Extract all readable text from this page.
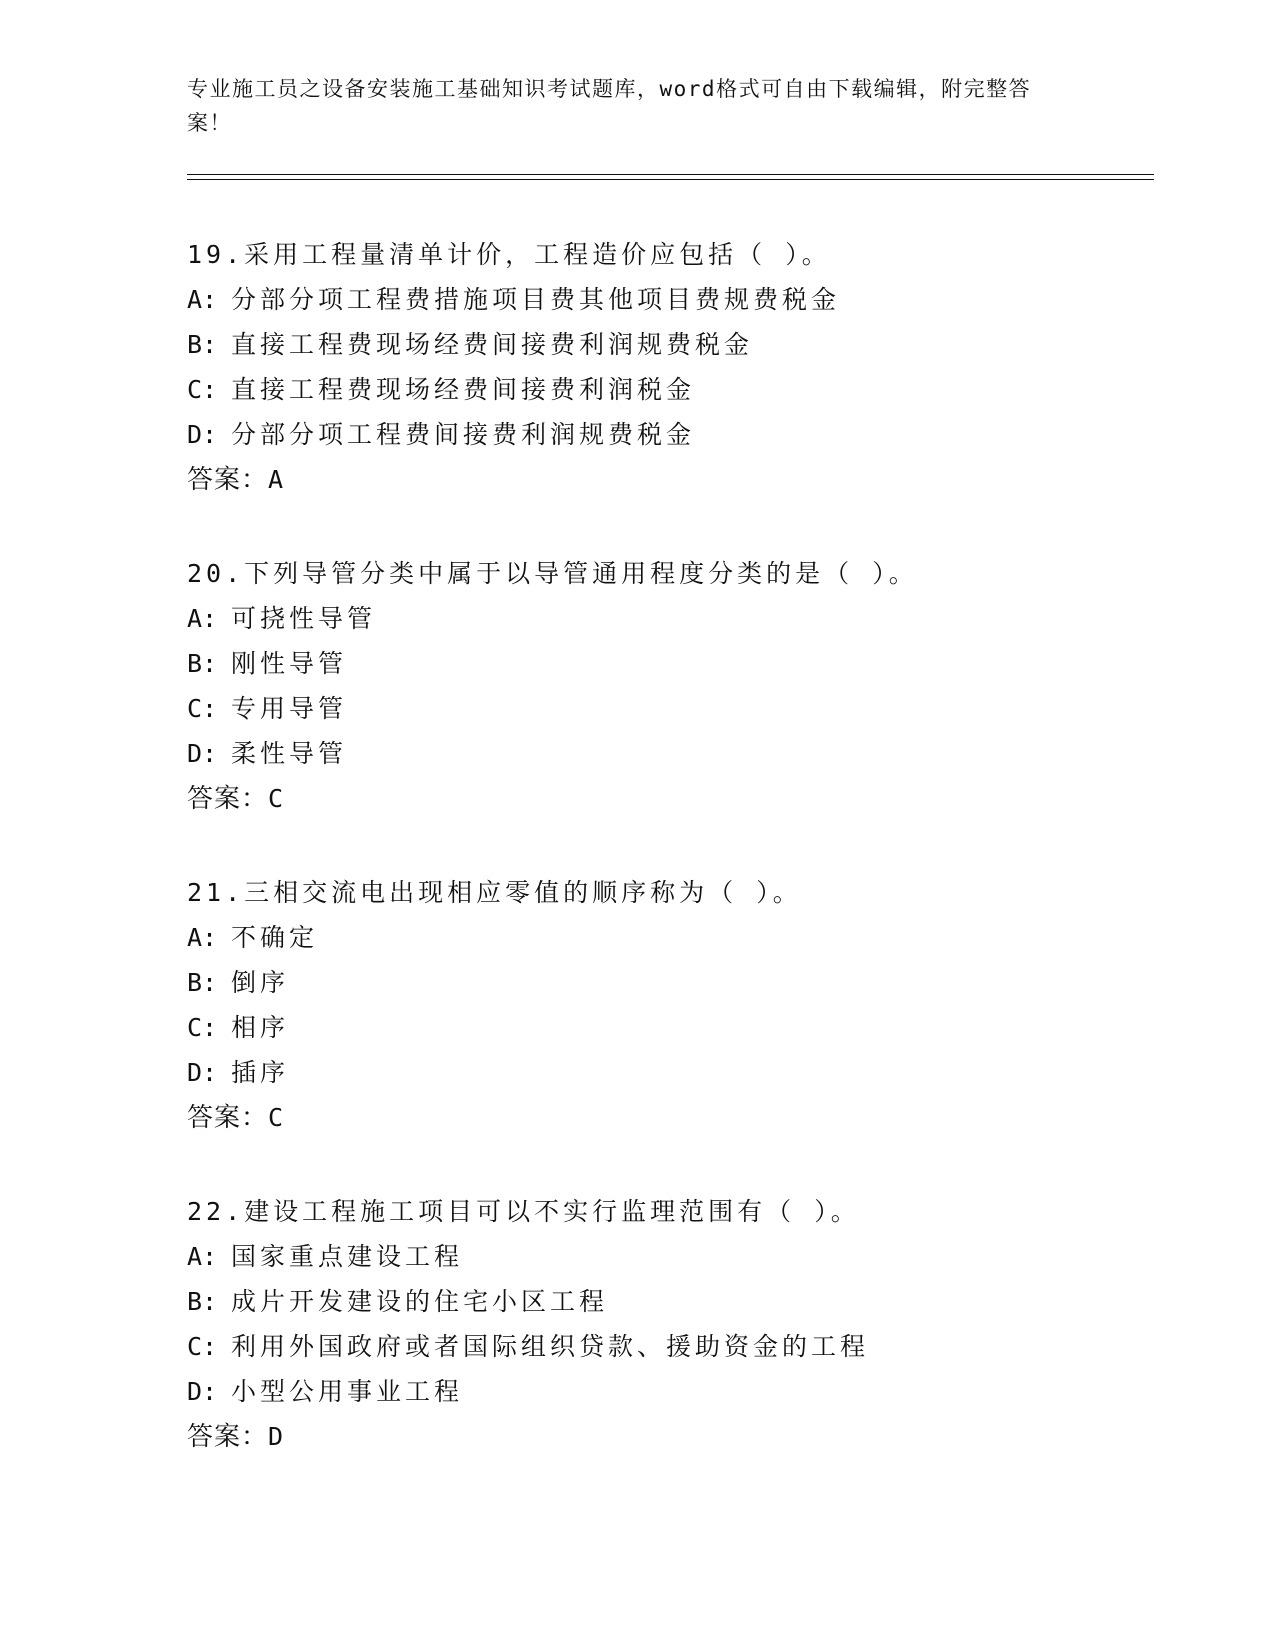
专业施工员之设备安装施工基础知识考试题库，word格式可自由下载编辑，附完整答案！
19.采用工程量清单计价，工程造价应包括（ ）。
A: 分部分项工程费措施项目费其他项目费规费税金
B: 直接工程费现场经费间接费利润规费税金
C: 直接工程费现场经费间接费利润税金
D: 分部分项工程费间接费利润规费税金
答案：A
20.下列导管分类中属于以导管通用程度分类的是（ ）。
A: 可挠性导管
B: 刚性导管
C: 专用导管
D: 柔性导管
答案：C
21.三相交流电出现相应零值的顺序称为（ ）。
A: 不确定
B: 倒序
C: 相序
D: 插序
答案：C
22.建设工程施工项目可以不实行监理范围有（ ）。
A: 国家重点建设工程
B: 成片开发建设的住宅小区工程
C: 利用外国政府或者国际组织贷款、援助资金的工程
D: 小型公用事业工程
答案：D
